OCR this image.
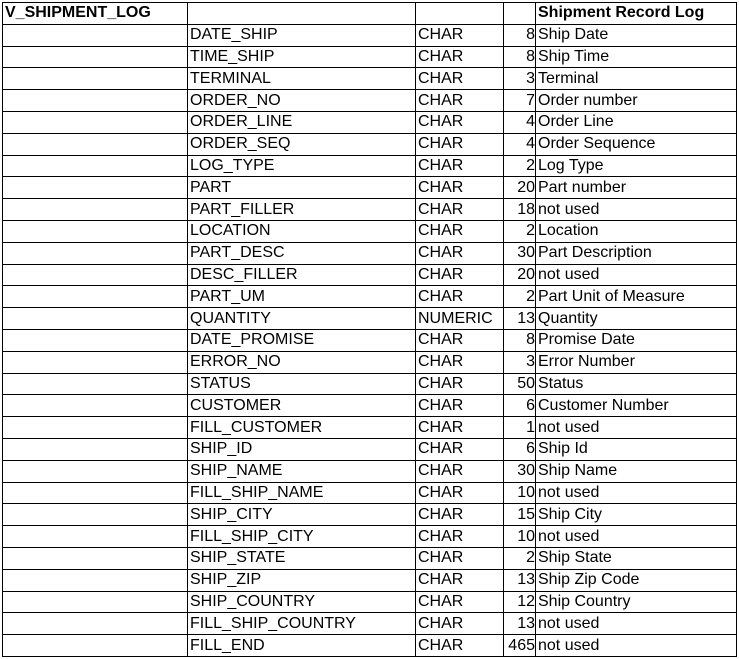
V_SHIPMENT_LOG				Shipment Record Log
	DATE_SHIP	CHAR	8	Ship Date
	TIME_SHIP	CHAR	8	Ship Time
	TERMINAL	CHAR	3	Terminal
	ORDER_NO	CHAR	7	Order number
	ORDER_LINE	CHAR	4	Order Line
	ORDER_SEQ	CHAR	4	Order Sequence
	LOG_TYPE	CHAR	2	Log Type
	PART	CHAR	20	Part number
	PART_FILLER	CHAR	18	not used
	LOCATION	CHAR	2	Location
	PART_DESC	CHAR	30	Part Description
	DESC_FILLER	CHAR	20	not used
	PART_UM	CHAR	2	Part Unit of Measure
	QUANTITY	NUMERIC	13	Quantity
	DATE_PROMISE	CHAR	8	Promise Date
	ERROR_NO	CHAR	3	Error Number
	STATUS	CHAR	50	Status
	CUSTOMER	CHAR	6	Customer Number
	FILL_CUSTOMER	CHAR	1	not used
	SHIP_ID	CHAR	6	Ship Id
	SHIP_NAME	CHAR	30	Ship Name
	FILL_SHIP_NAME	CHAR	10	not used
	SHIP_CITY	CHAR	15	Ship City
	FILL_SHIP_CITY	CHAR	10	not used
	SHIP_STATE	CHAR	2	Ship State
	SHIP_ZIP	CHAR	13	Ship Zip Code
	SHIP_COUNTRY	CHAR	12	Ship Country
	FILL_SHIP_COUNTRY	CHAR	13	not used
	FILL_END	CHAR	465	not used
